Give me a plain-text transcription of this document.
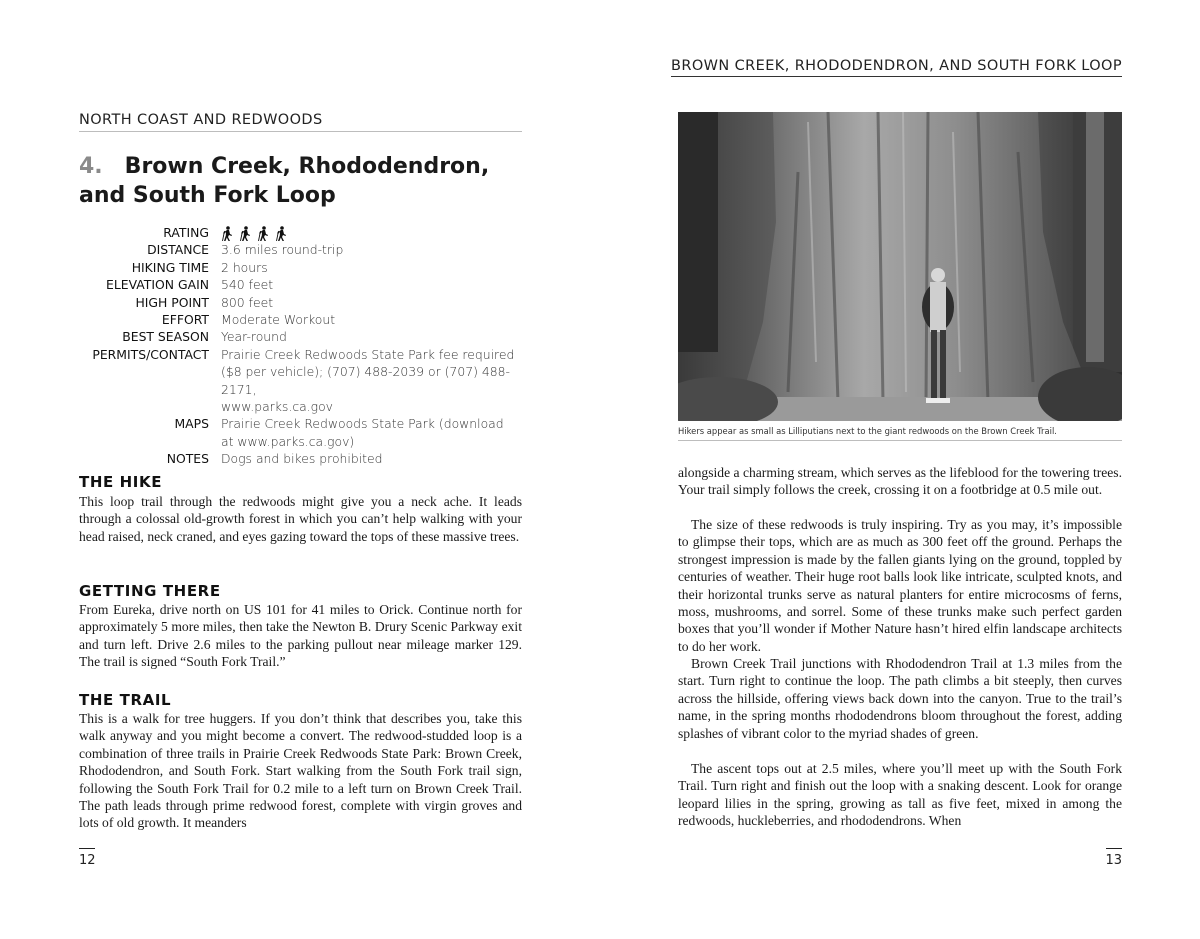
NORTH COAST AND REDWOODS
4. Brown Creek, Rhododendron,
and South Fork Loop
RATING
DISTANCE 3.6 miles round-trip
HIKING TIME 2 hours
ELEVATION GAIN 540 feet
HIGH POINT 800 feet
EFFORT Moderate Workout
BEST SEASON Year-round
PERMITS/CONTACT Prairie Creek Redwoods State Park fee required
($8 per vehicle); (707) 488-2039 or (707) 488-2171,
www.parks.ca.gov
MAPS Prairie Creek Redwoods State Park (download
at www.parks.ca.gov)
NOTES Dogs and bikes prohibited
THE HIKE

This loop trail through the redwoods might give you a neck ache. It leads through a colossal old-growth forest in which you can’t help walking with your head raised, neck craned, and eyes gazing toward the tops of these massive trees.

GETTING THERE

From Eureka, drive north on US 101 for 41 miles to Orick. Continue north for approximately 5 more miles, then take the Newton B. Drury Scenic Parkway exit and turn left. Drive 2.6 miles to the parking pullout near mileage marker 129. The trail is signed “South Fork Trail.”

THE TRAIL

This is a walk for tree huggers. If you don’t think that describes you, take this walk anyway and you might become a convert. The redwood-studded loop is a combination of three trails in Prairie Creek Redwoods State Park: Brown Creek, Rhododendron, and South Fork. Start walking from the South Fork trail sign, following the South Fork Trail for 0.2 mile to a left turn on Brown Creek Trail. The path leads through prime redwood forest, complete with virgin groves and lots of old growth. It meanders

12
BROWN CREEK, RHODODENDRON, AND SOUTH FORK LOOP
Hikers appear as small as Lilliputians next to the giant redwoods on the Brown Creek Trail.

alongside a charming stream, which serves as the lifeblood for the towering trees. Your trail simply follows the creek, crossing it on a footbridge at 0.5 mile out.

The size of these redwoods is truly inspiring. Try as you may, it’s impossible to glimpse their tops, which are as much as 300 feet off the ground. Perhaps the strongest impression is made by the fallen giants lying on the ground, toppled by centuries of weather. Their huge root balls look like intricate, sculpted knots, and their horizontal trunks serve as natural planters for entire microcosms of ferns, moss, mushrooms, and sorrel. Some of these trunks make such perfect garden boxes that you’ll wonder if Mother Nature hasn’t hired elfin landscape architects to do her work.

Brown Creek Trail junctions with Rhododendron Trail at 1.3 miles from the start. Turn right to continue the loop. The path climbs a bit steeply, then curves across the hillside, offering views back down into the canyon. True to the trail’s name, in the spring months rhododendrons bloom throughout the forest, adding splashes of vibrant color to the myriad shades of green.

The ascent tops out at 2.5 miles, where you’ll meet up with the South Fork Trail. Turn right and finish out the loop with a snaking descent. Look for orange leopard lilies in the spring, growing as tall as five feet, mixed in among the redwoods, huckleberries, and rhododendrons. When

13
